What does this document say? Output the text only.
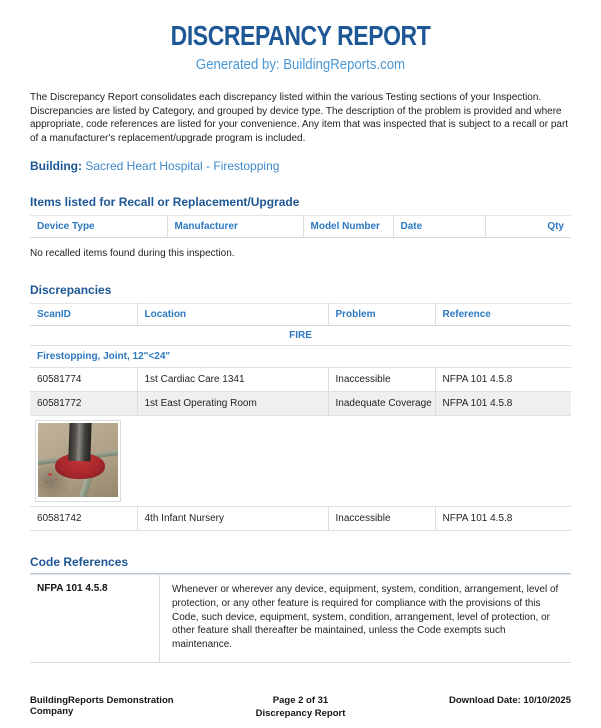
DISCREPANCY REPORT
Generated by: BuildingReports.com

The Discrepancy Report consolidates each discrepancy listed within the various Testing sections of your Inspection. Discrepancies are listed by Category, and grouped by device type. The description of the problem is provided and where appropriate, code references are listed for your convenience. Any item that was inspected that is subject to a recall or part of a manufacturer's replacement/upgrade program is included.

Building: Sacred Heart Hospital - Firestopping
Items listed for Recall or Replacement/Upgrade
Device Type	Manufacturer	Model Number	Date	Qty

No recalled items found during this inspection.

Discrepancies
ScanID	Location	Problem	Reference
FIRE			
Firestopping, Joint, 12"<24"			
60581774	1st Cardiac Care 1341	Inaccessible	NFPA 101 4.5.8
60581772	1st East Operating Room	Inadequate Coverage	NFPA 101 4.5.8

60581742	4th Infant Nursery	Inaccessible	NFPA 101 4.5.8
Code References
NFPA 101 4.5.8	Whenever or wherever any device, equipment, system, condition, arrangement, level of protection, or any other feature is required for compliance with the provisions of this Code, such device, equipment, system, condition, arrangement, level of protection, or other feature shall thereafter be maintained, unless the Code exempts such maintenance.
BuildingReports Demonstration Company
Page 2 of 31
Discrepancy Report
Download Date: 10/10/2025
